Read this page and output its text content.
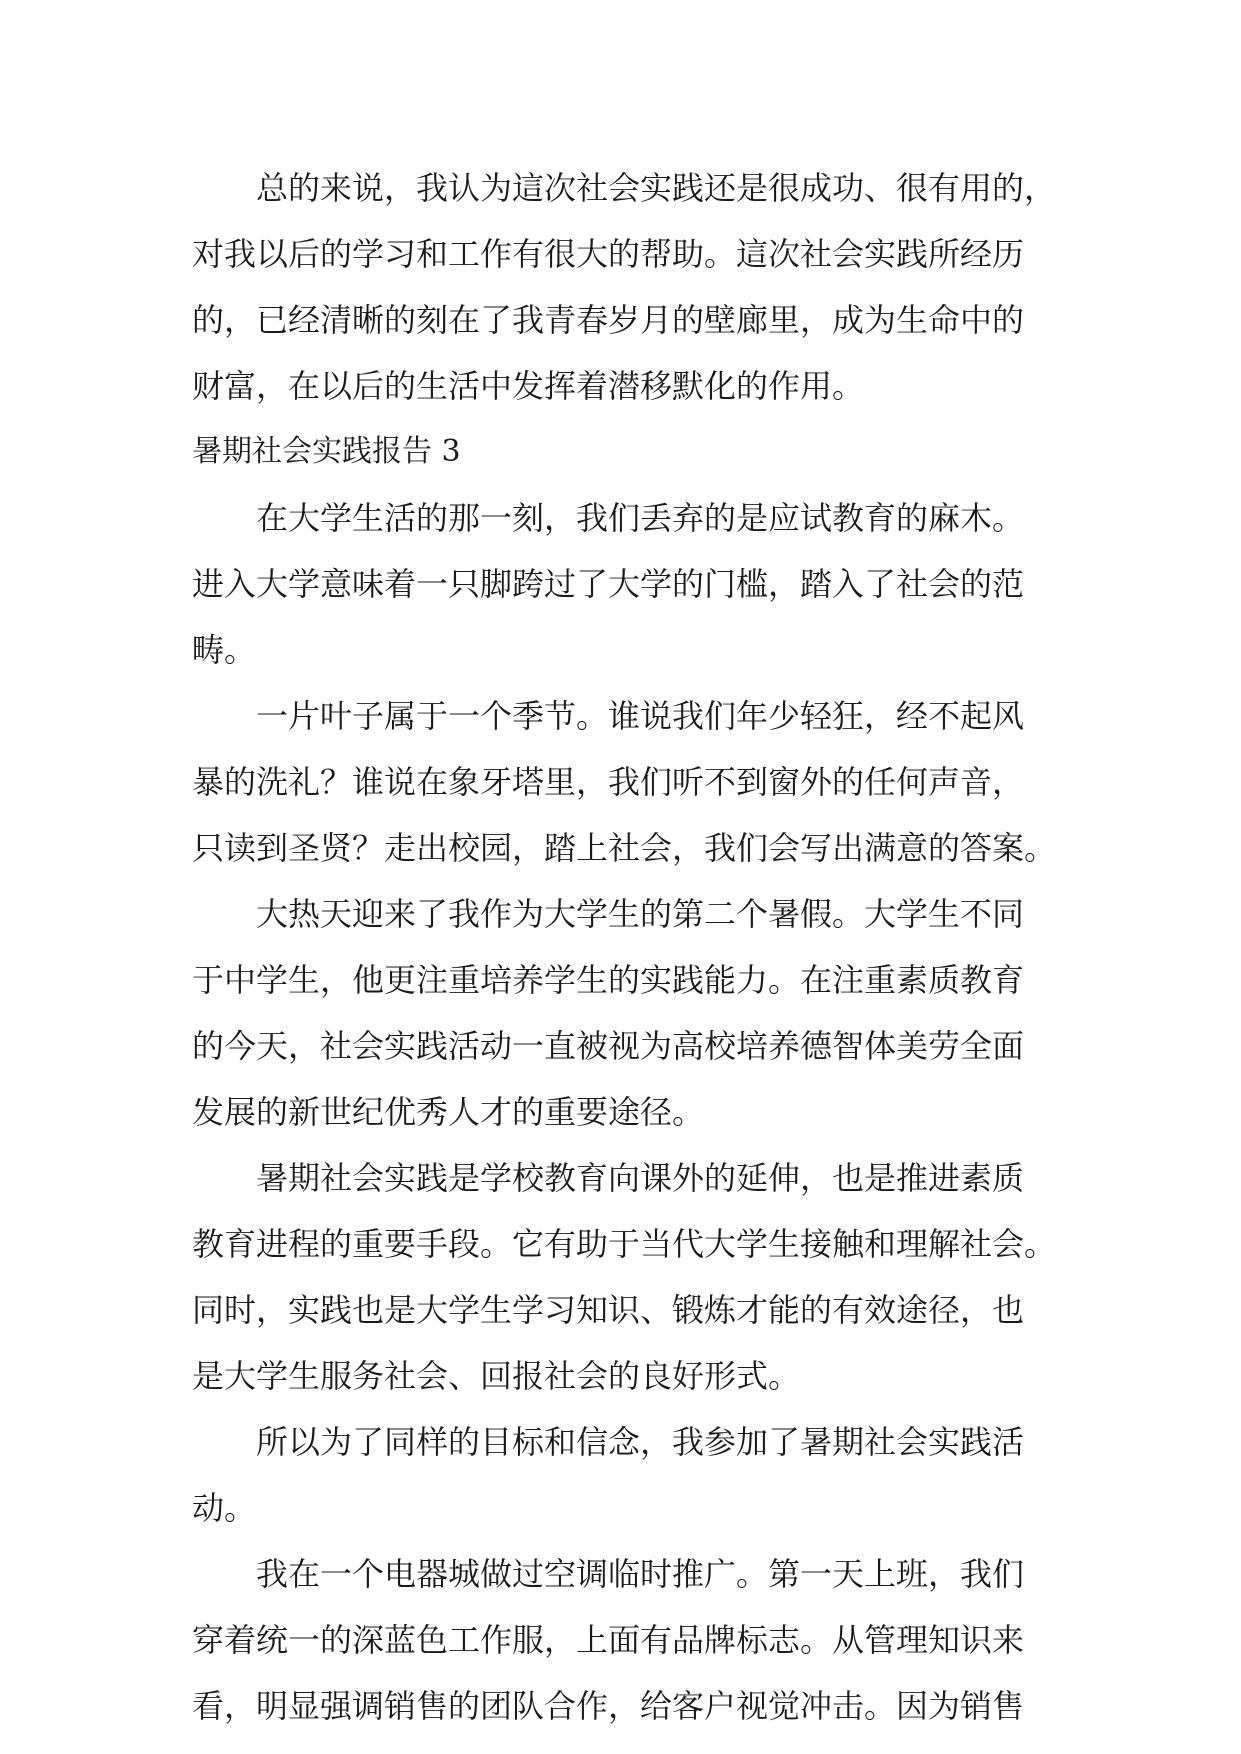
总的来说，我认为這次社会实践还是很成功、很有用的，
对我以后的学习和工作有很大的帮助。這次社会实践所经历
的，已经清晰的刻在了我青春岁月的壁廊里，成为生命中的
财富，在以后的生活中发挥着潜移默化的作用。
暑期社会实践报告 3
在大学生活的那一刻，我们丢弃的是应试教育的麻木。
进入大学意味着一只脚跨过了大学的门槛，踏入了社会的范
畴。
一片叶子属于一个季节。谁说我们年少轻狂，经不起风
暴的洗礼？谁说在象牙塔里，我们听不到窗外的任何声音，
只读到圣贤？走出校园，踏上社会，我们会写出满意的答案。
大热天迎来了我作为大学生的第二个暑假。大学生不同
于中学生，他更注重培养学生的实践能力。在注重素质教育
的今天，社会实践活动一直被视为高校培养德智体美劳全面
发展的新世纪优秀人才的重要途径。
暑期社会实践是学校教育向课外的延伸，也是推进素质
教育进程的重要手段。它有助于当代大学生接触和理解社会。
同时，实践也是大学生学习知识、锻炼才能的有效途径，也
是大学生服务社会、回报社会的良好形式。
所以为了同样的目标和信念，我参加了暑期社会实践活
动。
我在一个电器城做过空调临时推广。第一天上班，我们
穿着统一的深蓝色工作服，上面有品牌标志。从管理知识来
看，明显强调销售的团队合作，给客户视觉冲击。因为销售
